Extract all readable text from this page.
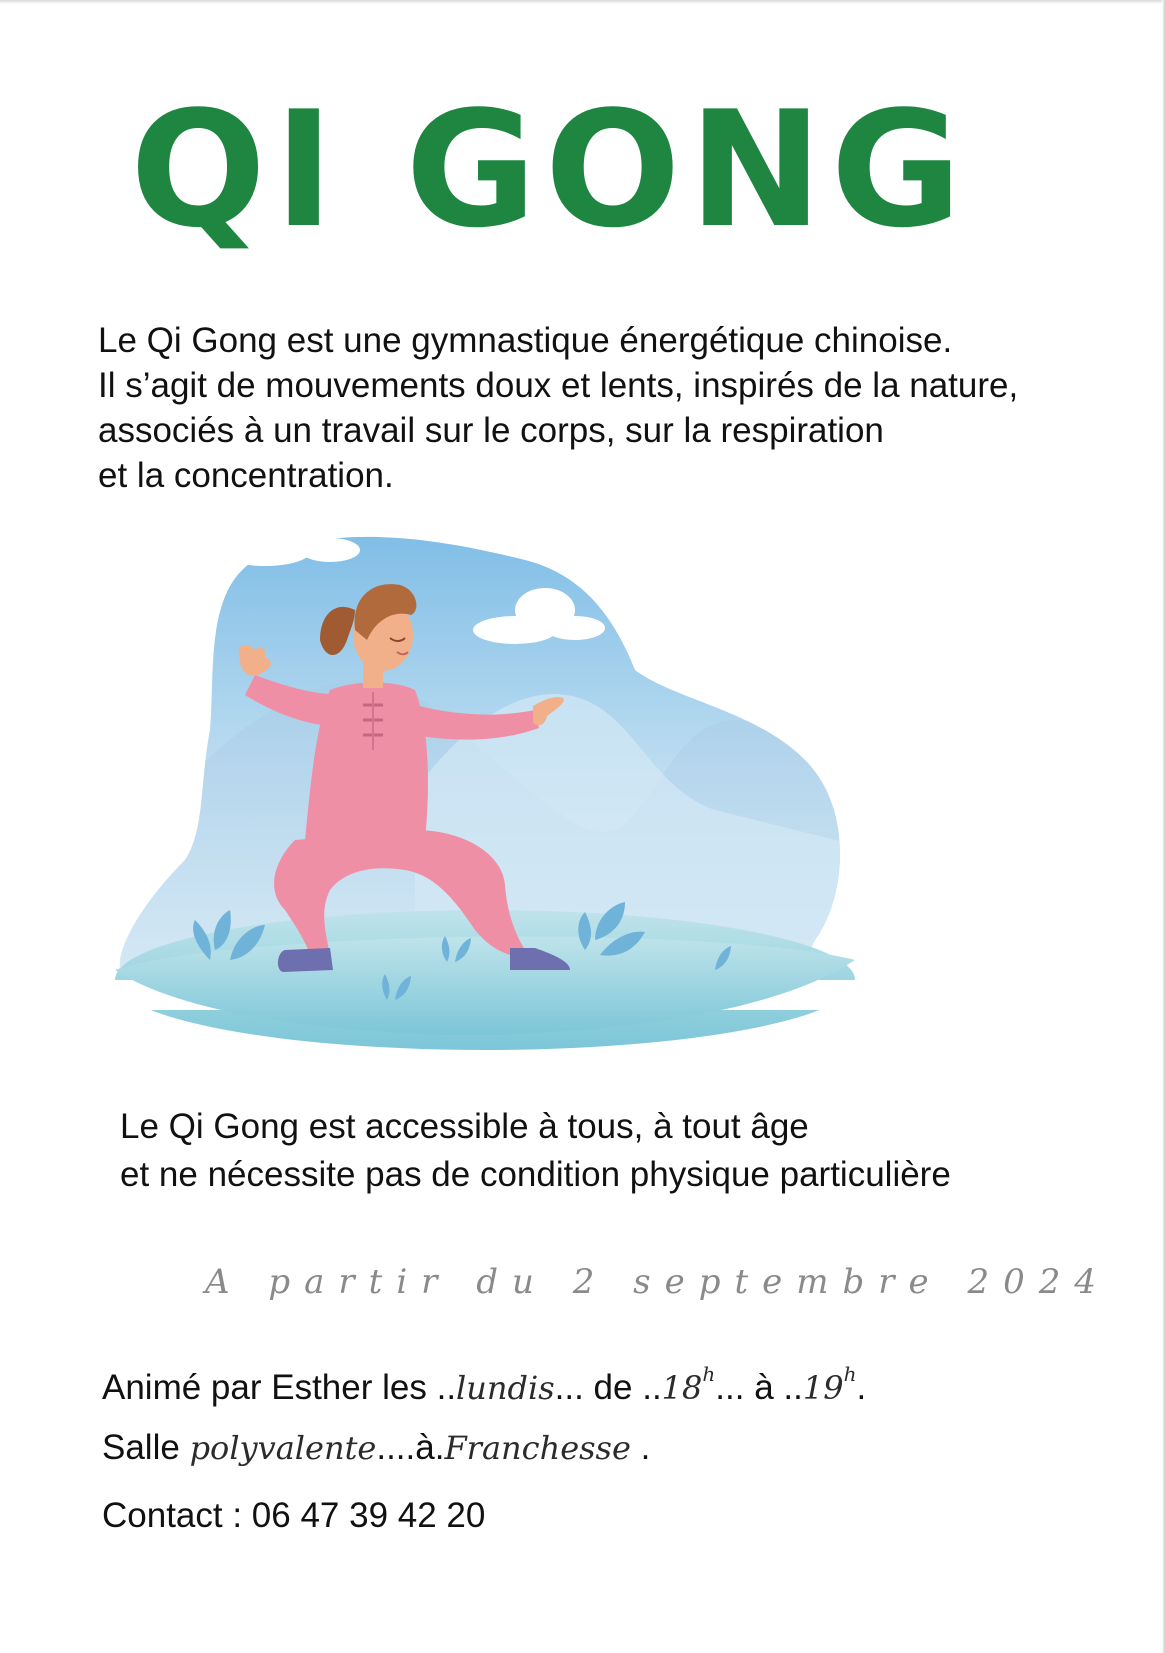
QI GONG
Le Qi Gong est une gymnastique énergétique chinoise.
Il s’agit de mouvements doux et lents, inspirés de la nature,
associés à un travail sur le corps, sur la respiration
et la concentration.
Le Qi Gong est accessible à tous, à tout âge
et ne nécessite pas de condition physique particulière
A partir du 2 septembre 2024
Animé par Esther les ..lundis... de ..18$^h$... à ..19$^h$.
Salle polyvalente....à.Franchesse .
Contact : 06 47 39 42 20
